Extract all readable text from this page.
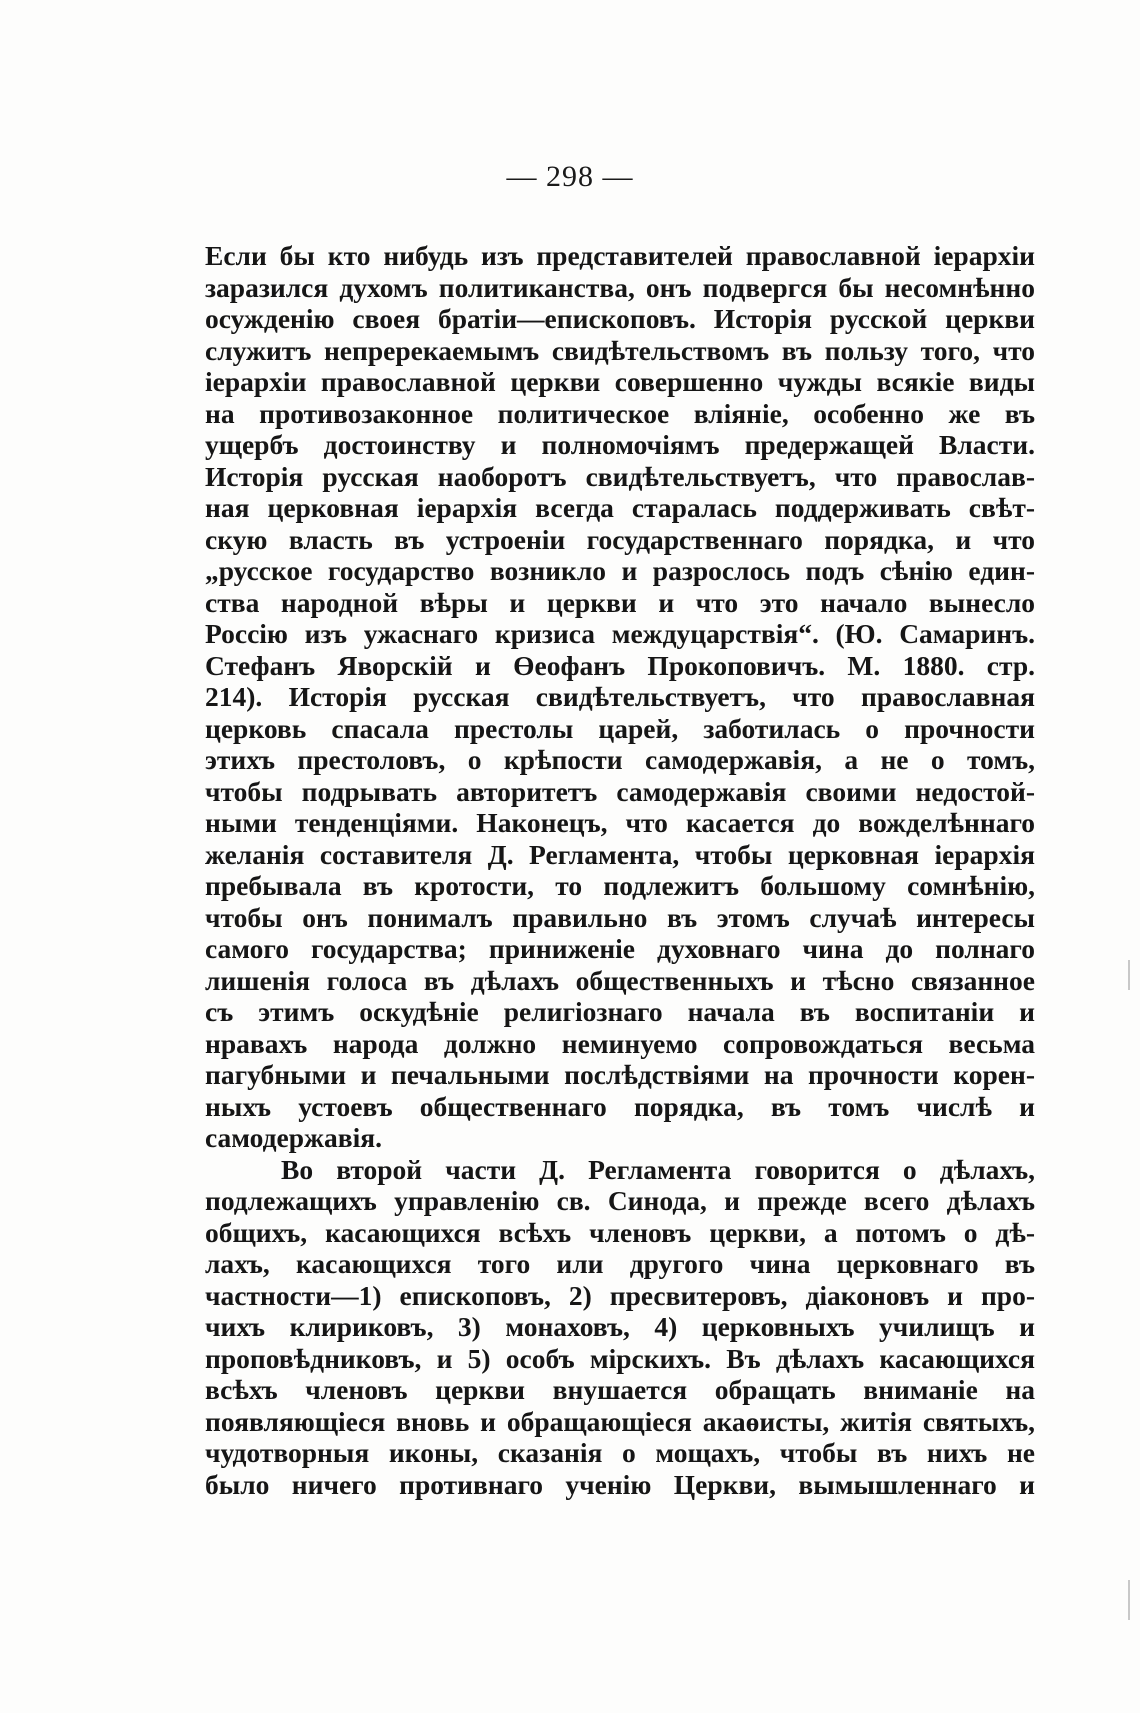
— 298 —
Если бы кто нибудь изъ представителей православной iерархiи
заразился духомъ политиканства, онъ подвергся бы несомнѣнно
осужденiю своея братiи—епископовъ. Исторiя русской церкви
служитъ непререкаемымъ свидѣтельствомъ въ пользу того, что
iерархiи православной церкви совершенно чужды всякiе виды
на противозаконное политическое влiянiе, особенно же въ
ущербъ достоинству и полномочiямъ предержащей Власти.
Исторiя русская наоборотъ свидѣтельствуетъ, что православ-
ная церковная iерархiя всегда старалась поддерживать свѣт-
скую власть въ устроенiи государственнаго порядка, и что
„русское государство возникло и разрослось подъ сѣнiю един-
ства народной вѣры и церкви и что это начало вынесло
Россiю изъ ужаснаго кризиса междуцарствiя“. (Ю. Самаринъ.
Стефанъ Яворскiй и Өеофанъ Прокоповичъ. М. 1880. стр.
214). Исторiя русская свидѣтельствуетъ, что православная
церковь спасала престолы царей, заботилась о прочности
этихъ престоловъ, о крѣпости самодержавiя, а не о томъ,
чтобы подрывать авторитетъ самодержавiя своими недостой-
ными тенденцiями. Наконецъ, что касается до вожделѣннаго
желанiя составителя Д. Регламента, чтобы церковная iерархiя
пребывала въ кротости, то подлежитъ большому сомнѣнiю,
чтобы онъ понималъ правильно въ этомъ случаѣ интересы
самого государства; приниженiе духовнаго чина до полнаго
лишенiя голоса въ дѣлахъ общественныхъ и тѣсно связанное
съ этимъ оскудѣнiе религiознаго начала въ воспитанiи и
нравахъ народа должно неминуемо сопровождаться весьма
пагубными и печальными послѣдствiями на прочности корен-
ныхъ устоевъ общественнаго порядка, въ томъ числѣ и
самодержавiя.
Во второй части Д. Регламента говорится о дѣлахъ,
подлежащихъ управленiю св. Синода, и прежде всего дѣлахъ
общихъ, касающихся всѣхъ членовъ церкви, а потомъ о дѣ-
лахъ, касающихся того или другого чина церковнаго въ
частности—1) епископовъ, 2) пресвитеровъ, дiаконовъ и про-
чихъ клириковъ, 3) монаховъ, 4) церковныхъ училищъ и
проповѣдниковъ, и 5) особъ мiрскихъ. Въ дѣлахъ касающихся
всѣхъ членовъ церкви внушается обращать вниманiе на
появляющiеся вновь и обращающiеся акаөисты, житiя святыхъ,
чудотворныя иконы, сказанiя о мощахъ, чтобы въ нихъ не
было ничего противнаго ученiю Церкви, вымышленнаго и
